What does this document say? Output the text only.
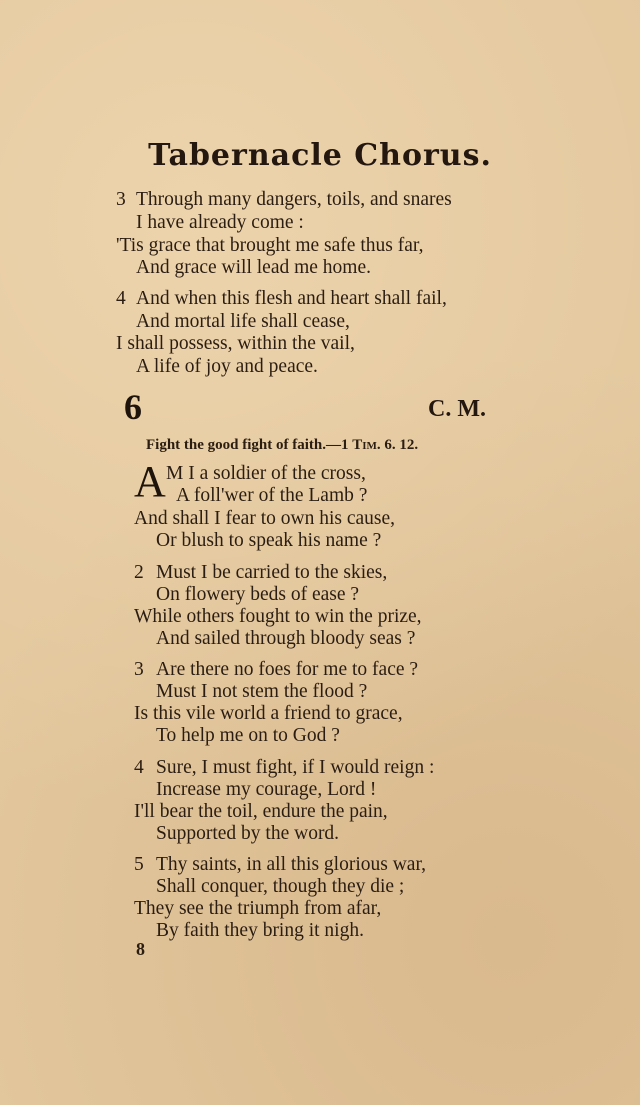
Tabernacle Chorus.
3 Through many dangers, toils, and snares
I have already come :
'Tis grace that brought me safe thus far,
And grace will lead me home.
4 And when this flesh and heart shall fail,
And mortal life shall cease,
I shall possess, within the vail,
A life of joy and peace.
6	C. M.
Fight the good fight of faith.—1 Tim. 6. 12.
A M I a soldier of the cross,
A foll'wer of the Lamb ?
And shall I fear to own his cause,
Or blush to speak his name ?
2 Must I be carried to the skies,
On flowery beds of ease ?
While others fought to win the prize,
And sailed through bloody seas ?
3 Are there no foes for me to face ?
Must I not stem the flood ?
Is this vile world a friend to grace,
To help me on to God ?
4 Sure, I must fight, if I would reign :
Increase my courage, Lord !
I'll bear the toil, endure the pain,
Supported by the word.
5 Thy saints, in all this glorious war,
Shall conquer, though they die ;
They see the triumph from afar,
By faith they bring it nigh.
8
